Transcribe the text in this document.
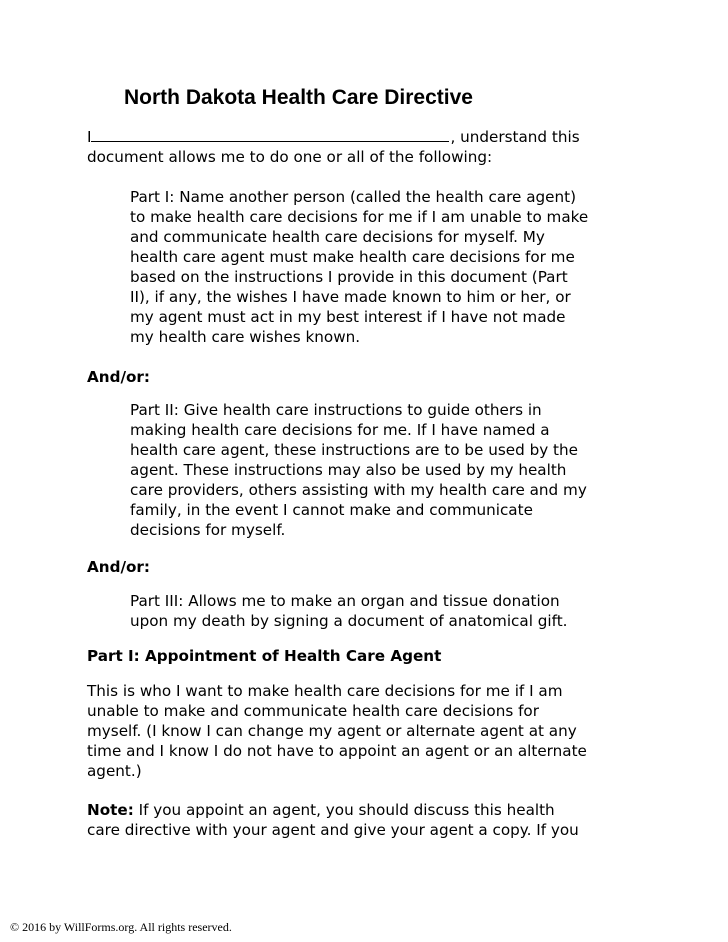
North Dakota Health Care Directive
I	, understand this
document allows me to do one or all of the following:
Part I: Name another person (called the health care agent)
to make health care decisions for me if I am unable to make
and communicate health care decisions for myself. My
health care agent must make health care decisions for me
based on the instructions I provide in this document (Part
II), if any, the wishes I have made known to him or her, or
my agent must act in my best interest if I have not made
my health care wishes known.
And/or:
Part II: Give health care instructions to guide others in
making health care decisions for me. If I have named a
health care agent, these instructions are to be used by the
agent. These instructions may also be used by my health
care providers, others assisting with my health care and my
family, in the event I cannot make and communicate
decisions for myself.
And/or:
Part III: Allows me to make an organ and tissue donation
upon my death by signing a document of anatomical gift.
Part I: Appointment of Health Care Agent
This is who I want to make health care decisions for me if I am
unable to make and communicate health care decisions for
myself. (I know I can change my agent or alternate agent at any
time and I know I do not have to appoint an agent or an alternate
agent.)
Note: If you appoint an agent, you should discuss this health
care directive with your agent and give your agent a copy. If you
© 2016 by WillForms.org. All rights reserved.
